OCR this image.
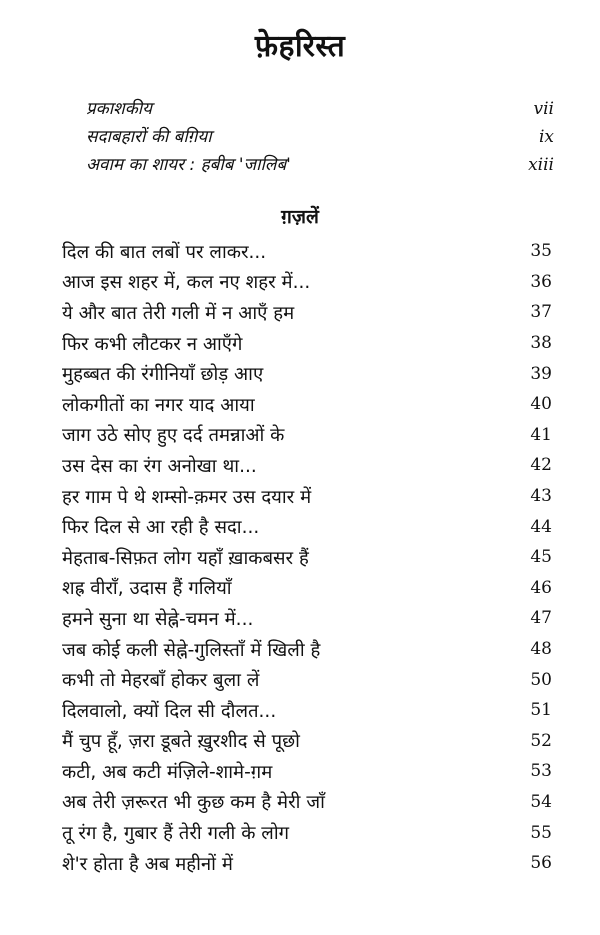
फ़ेहरिस्त
प्रकाशकीय	vii
सदाबहारों की बग़िया	ix
अवाम का शायर : हबीब 'जालिब'	xiii
ग़ज़लें
दिल की बात लबों पर लाकर...	35
आज इस शहर में, कल नए शहर में...	36
ये और बात तेरी गली में न आएँ हम	37
फिर कभी लौटकर न आएँगे	38
मुहब्बत की रंगीनियाँ छोड़ आए	39
लोकगीतों का नगर याद आया	40
जाग उठे सोए हुए दर्द तमन्नाओं के	41
उस देस का रंग अनोखा था...	42
हर गाम पे थे शम्सो-क़मर उस दयार में	43
फिर दिल से आ रही है सदा...	44
मेहताब-सिफ़त लोग यहाँ ख़ाकबसर हैं	45
शह्र वीराँ, उदास हैं गलियाँ	46
हमने सुना था सेह्ने-चमन में...	47
जब कोई कली सेह्ने-गुलिस्ताँ में खिली है	48
कभी तो मेहरबाँ होकर बुला लें	50
दिलवालो, क्यों दिल सी दौलत...	51
मैं चुप हूँ, ज़रा डूबते ख़ुरशीद से पूछो	52
कटी, अब कटी मंज़िले-शामे-ग़म	53
अब तेरी ज़रूरत भी कुछ कम है मेरी जाँ	54
तू रंग है, गुबार हैं तेरी गली के लोग	55
शे'र होता है अब महीनों में	56
